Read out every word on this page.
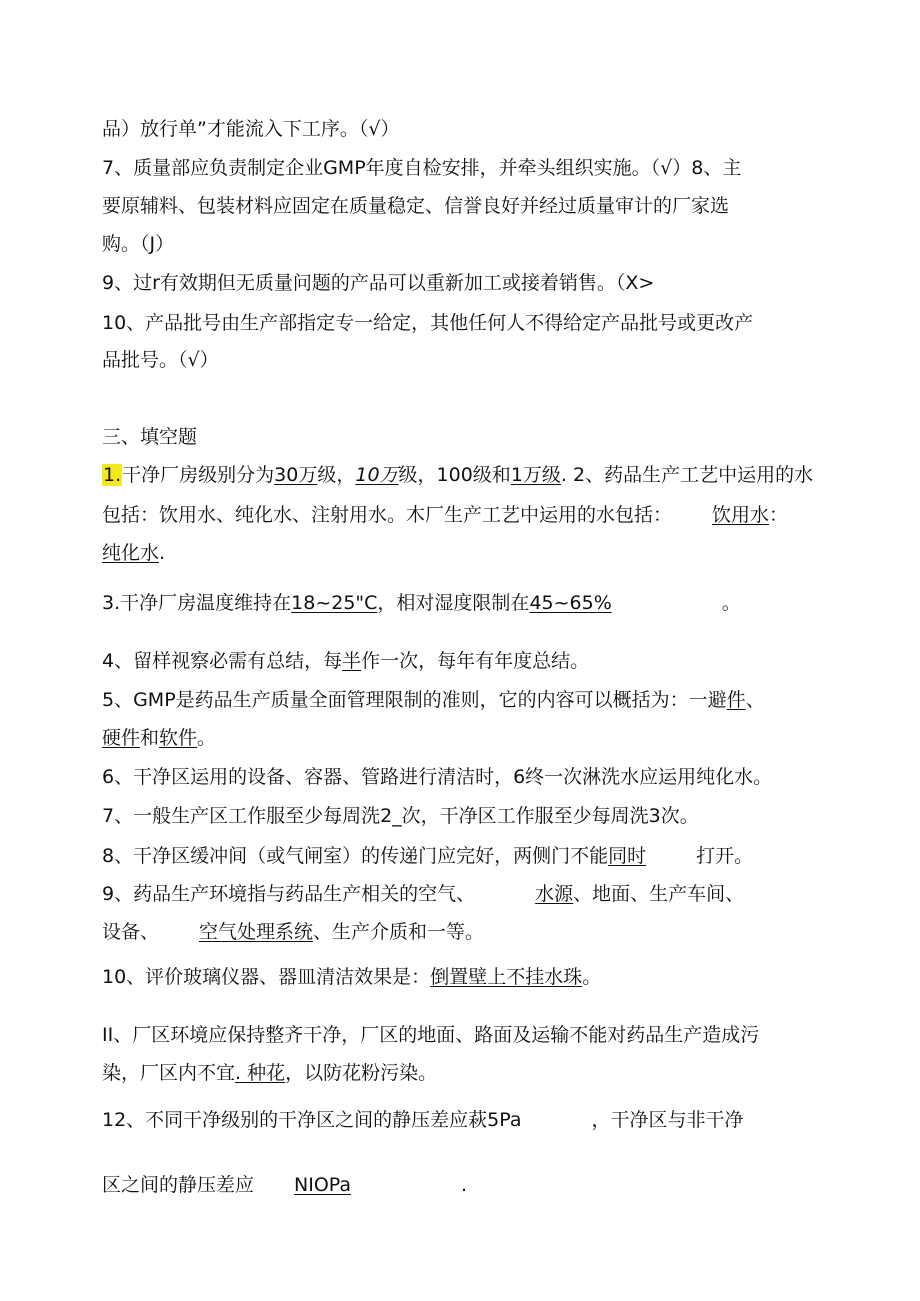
品）放行单”才能流入下工序。（√）
7、质量部应负责制定企业GMP年度自检安排，并牵头组织实施。（√）8、主
要原辅料、包装材料应固定在质量稳定、信誉良好并经过质量审计的厂家选
购。（J）
9、过r有效期但无质量问题的产品可以重新加工或接着销售。（X>
10、产品批号由生产部指定专一给定，其他任何人不得给定产品批号或更改产
品批号。（√）
三、填空题
1.干净厂房级别分为30万级，10万级，100级和1万级. 2、药品生产工艺中运用的水
包括：饮用水、纯化水、注射用水。木厂生产工艺中运用的水包括： 饮用水：
纯化水.
3.干净厂房温度维持在18~25"C，相对湿度限制在45~65%	。
4、留样视察必需有总结，每半作一次，每年有年度总结。
5、GMP是药品生产质量全面管理限制的准则，它的内容可以概括为：一避件、
硬件和软件。
6、干净区运用的设备、容器、管路进行清洁时，6终一次淋洗水应运用纯化水。
7、一般生产区工作服至少每周洗2_次，干净区工作服至少每周洗3次。
8、干净区缓冲间（或气闸室）的传递门应完好，两侧门不能同时	打开。
9、药品生产环境指与药品生产相关的空气、	水源、地面、生产车间、
设备、 空气处理系统、生产介质和一等。
10、评价玻璃仪器、器皿清洁效果是：倒置壁上不挂水珠。
II、厂区环境应保持整齐干净，厂区的地面、路面及运输不能对药品生产造成污
染，厂区内不宜. 种花，以防花粉污染。
12、不同干净级别的干净区之间的静压差应萩5Pa	，干净区与非干净
区之间的静压差应 NIOPa	.
